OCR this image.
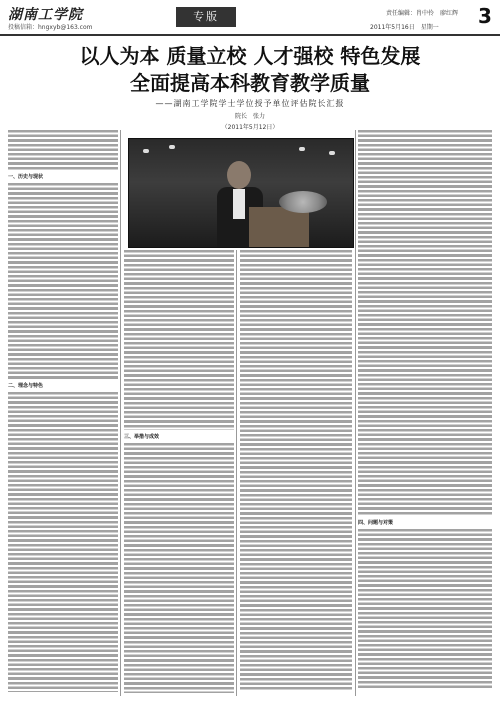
湖南工学院
投稿信箱：hngxyb@163.com
专版	责任编辑：肖中伶　廖红辉
2011年5月16日　星期一 3
以人为本 质量立校 人才强校 特色发展
全面提高本科教育教学质量
——湖南工学院学士学位授予单位评估院长汇报
院长　张力
（2011年5月12日）
一、历史与现状
二、理念与特色
三、举措与成效
四、问题与对策
